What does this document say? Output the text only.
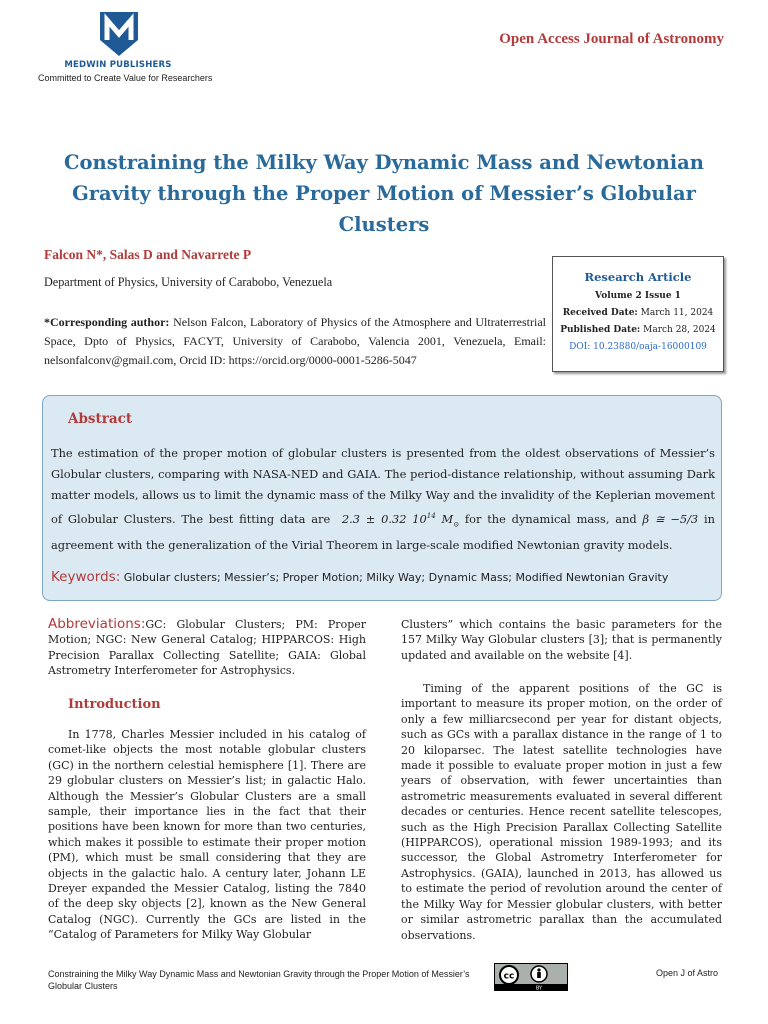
MEDWIN PUBLISHERS
Committed to Create Value for Researchers
Open Access Journal of Astronomy
Constraining the Milky Way Dynamic Mass and Newtonian Gravity through the Proper Motion of Messier’s Globular Clusters
Falcon N*, Salas D and Navarrete P
Department of Physics, University of Carabobo, Venezuela
*Corresponding author: Nelson Falcon, Laboratory of Physics of the Atmosphere and Ultraterrestrial Space, Dpto of Physics, FACYT, University of Carabobo, Valencia 2001, Venezuela, Email: nelsonfalconv@gmail.com, Orcid ID: https://orcid.org/0000-0001-5286-5047
Research Article
Volume 2 Issue 1
Received Date: March 11, 2024
Published Date: March 28, 2024
DOI: 10.23880/oaja-16000109
Abstract
The estimation of the proper motion of globular clusters is presented from the oldest observations of Messier’s Globular clusters, comparing with NASA-NED and GAIA. The period-distance relationship, without assuming Dark matter models, allows us to limit the dynamic mass of the Milky Way and the invalidity of the Keplerian movement of Globular Clusters. The best fitting data are 2.3 ± 0.32 $10^{14}$ $M_⊙$ for the dynamical mass, and β ≅ −5/3 in agreement with the generalization of the Virial Theorem in large-scale modified Newtonian gravity models.
Keywords: Globular clusters; Messier’s; Proper Motion; Milky Way; Dynamic Mass; Modified Newtonian Gravity
Abbreviations:GC: Globular Clusters; PM: Proper Motion; NGC: New General Catalog; HIPPARCOS: High Precision Parallax Collecting Satellite; GAIA: Global Astrometry Interferometer for Astrophysics.
Introduction
In 1778, Charles Messier included in his catalog of comet-like objects the most notable globular clusters (GC) in the northern celestial hemisphere [1]. There are 29 globular clusters on Messier’s list; in galactic Halo. Although the Messier’s Globular Clusters are a small sample, their importance lies in the fact that their positions have been known for more than two centuries, which makes it possible to estimate their proper motion (PM), which must be small considering that they are objects in the galactic halo. A century later, Johann LE Dreyer expanded the Messier Catalog, listing the 7840 of the deep sky objects [2], known as the New General Catalog (NGC). Currently the GCs are listed in the “Catalog of Parameters for Milky Way Globular
Clusters” which contains the basic parameters for the 157 Milky Way Globular clusters [3]; that is permanently updated and available on the website [4].
Timing of the apparent positions of the GC is important to measure its proper motion, on the order of only a few milliarcsecond per year for distant objects, such as GCs with a parallax distance in the range of 1 to 20 kiloparsec. The latest satellite technologies have made it possible to evaluate proper motion in just a few years of observation, with fewer uncertainties than astrometric measurements evaluated in several different decades or centuries. Hence recent satellite telescopes, such as the High Precision Parallax Collecting Satellite (HIPPARCOS), operational mission 1989-1993; and its successor, the Global Astrometry Interferometer for Astrophysics. (GAIA), launched in 2013, has allowed us to estimate the period of revolution around the center of the Milky Way for Messier globular clusters, with better or similar astrometric parallax than the accumulated observations.
Constraining the Milky Way Dynamic Mass and Newtonian Gravity through the Proper Motion of Messier’s Globular Clusters
cc
BY
Open J of Astro
